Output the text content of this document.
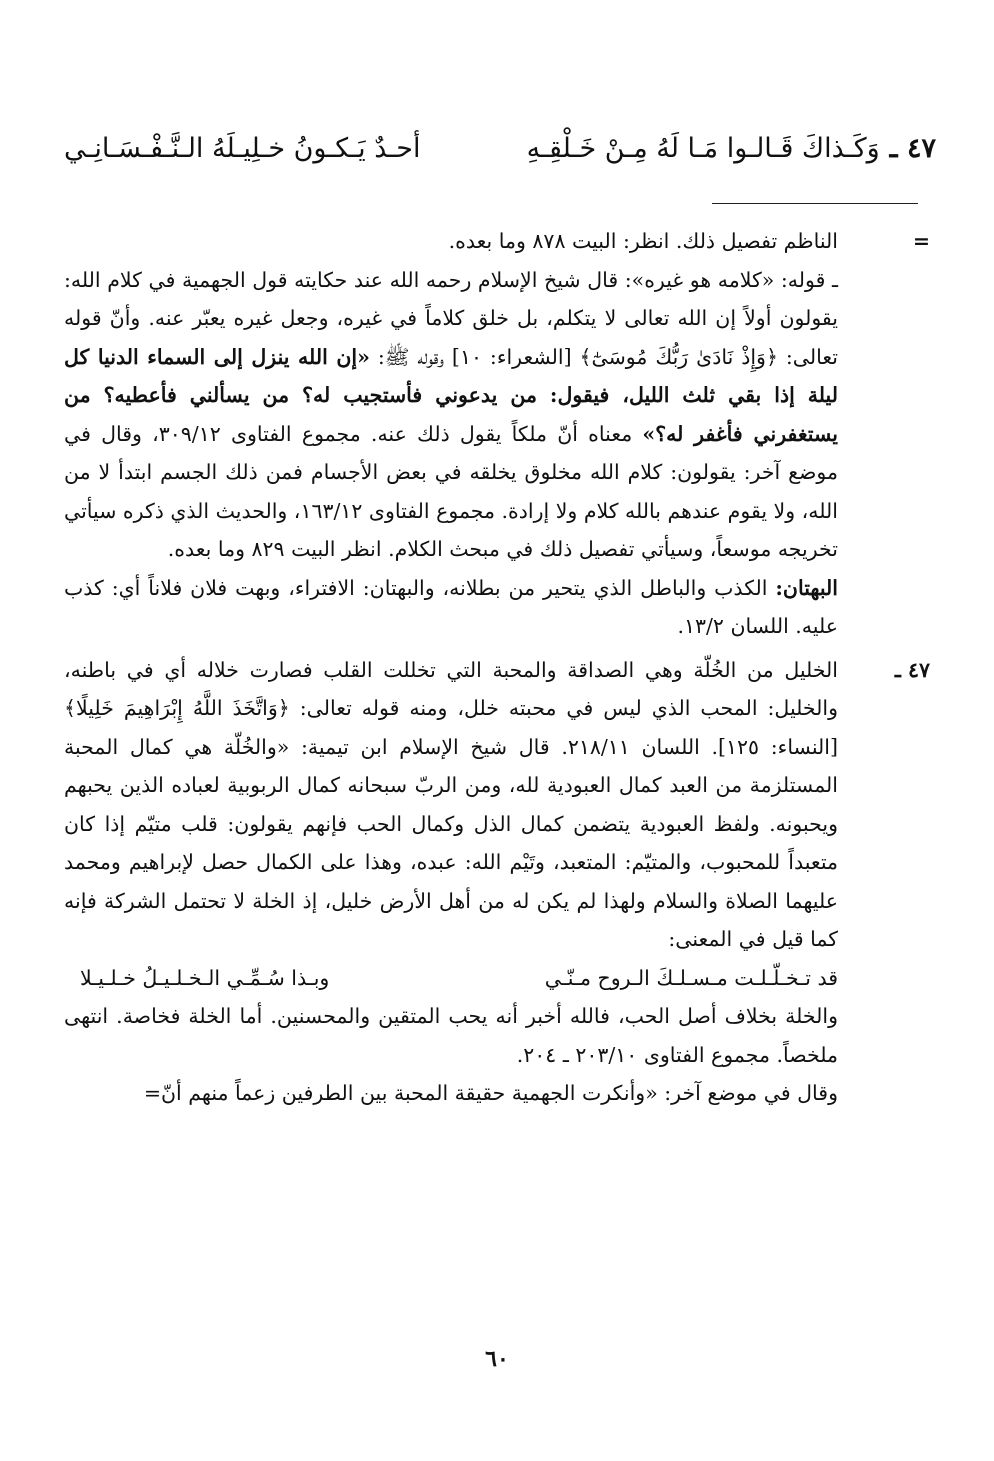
٤٧ ـ
وَكَـذاكَ قَـالـوا مَـا لَهُ مِـنْ خَـلْقِـهِ
أحـدٌ يَـكـونُ خـلِيـلَهُ الـنَّـفْـسَـانِـي
=
الناظم تفصيل ذلك. انظر: البيت ٨٧٨ وما بعده.
ـ قوله: «كلامه هو غيره»: قال شيخ الإسلام رحمه الله عند حكايته قول الجهمية في كلام الله: يقولون أولاً إن الله تعالى لا يتكلم، بل خلق كلاماً في غيره، وجعل غيره يعبّر عنه. وأنّ قوله تعالى: ﴿وَإِذْ نَادَىٰ رَبُّكَ مُوسَىٰٓ﴾ [الشعراء: ١٠] وقوله ﷺ: «إن الله ينزل إلى السماء الدنيا كل ليلة إذا بقي ثلث الليل، فيقول: من يدعوني فأستجيب له؟ من يسألني فأعطيه؟ من يستغفرني فأغفر له؟» معناه أنّ ملكاً يقول ذلك عنه. مجموع الفتاوى ٣٠٩/١٢، وقال في موضع آخر: يقولون: كلام الله مخلوق يخلقه في بعض الأجسام فمن ذلك الجسم ابتدأ لا من الله، ولا يقوم عندهم بالله كلام ولا إرادة. مجموع الفتاوى ١٦٣/١٢، والحديث الذي ذكره سيأتي تخريجه موسعاً، وسيأتي تفصيل ذلك في مبحث الكلام. انظر البيت ٨٢٩ وما بعده.
البهتان: الكذب والباطل الذي يتحير من بطلانه، والبهتان: الافتراء، وبهت فلان فلاناً أي: كذب عليه. اللسان ١٣/٢.
٤٧ ـ
الخليل من الخُلّة وهي الصداقة والمحبة التي تخللت القلب فصارت خلاله أي في باطنه، والخليل: المحب الذي ليس في محبته خلل، ومنه قوله تعالى: ﴿وَاتَّخَذَ اللَّهُ إِبْرَاهِيمَ خَلِيلًا﴾ [النساء: ١٢٥]. اللسان ٢١٨/١١. قال شيخ الإسلام ابن تيمية: «والخُلّة هي كمال المحبة المستلزمة من العبد كمال العبودية لله، ومن الربّ سبحانه كمال الربوبية لعباده الذين يحبهم ويحبونه. ولفظ العبودية يتضمن كمال الذل وكمال الحب فإنهم يقولون: قلب متيّم إذا كان متعبداً للمحبوب، والمتيّم: المتعبد، وتَيْم الله: عبده، وهذا على الكمال حصل لإبراهيم ومحمد عليهما الصلاة والسلام ولهذا لم يكن له من أهل الأرض خليل، إذ الخلة لا تحتمل الشركة فإنه كما قيل في المعنى:
قد تـخـلّـلـت مـسـلـكَ الـروح مـنّـي
وبـذا سُـمِّـي الـخـلـيـلُ خـلـيـلا
والخلة بخلاف أصل الحب، فالله أخبر أنه يحب المتقين والمحسنين. أما الخلة فخاصة. انتهى ملخصاً. مجموع الفتاوى ٢٠٣/١٠ ـ ٢٠٤.
وقال في موضع آخر: «وأنكرت الجهمية حقيقة المحبة بين الطرفين زعماً منهم أنّ=
٦٠
